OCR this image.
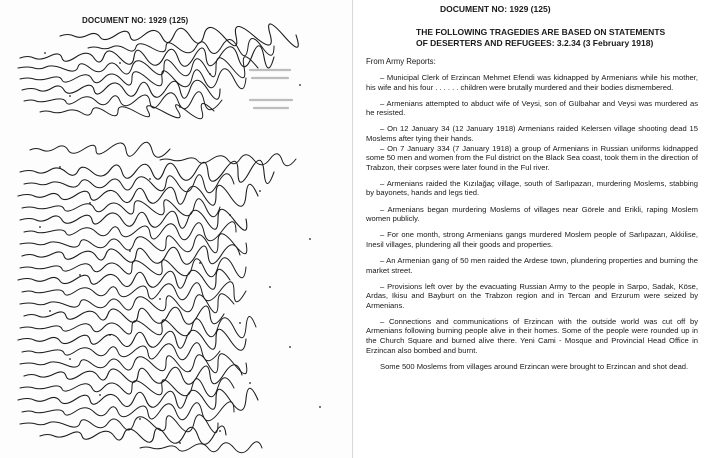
DOCUMENT NO: 1929 (125)
DOCUMENT NO: 1929 (125)
THE FOLLOWING TRAGEDIES ARE BASED ON STATEMENTS OF DESERTERS AND REFUGEES: 3.2.34 (3 February 1918)
From Army Reports:

– Municipal Clerk of Erzincan Mehmet Efendi was kidnapped by Armenians while his mother, his wife and his four . . . . . . children were brutally murdered and their bodies dismembered.

– Armenians attempted to abduct wife of Veysi, son of Gülbahar and Veysi was murdered as he resisted.

– On 12 January 34 (12 January 1918) Armenians raided Kelersen village shooting dead 15 Moslems after tying their hands.

– On 7 January 334 (7 January 1918) a group of Armenians in Russian uniforms kidnapped some 50 men and women from the Ful district on the Black Sea coast, took them in the direction of Trabzon, their corpses were later found in the Ful river.

– Armenians raided the Kızılağaç village, south of Sarlıpazarı, murdering Moslems, stabbing by bayonets, hands and legs tied.

– Armenians began murdering Moslems of villages near Görele and Erikli, raping Moslem women publicly.

– For one month, strong Armenians gangs murdered Moslem people of Sarlıpazarı, Akkilise, Inesil villages, plundering all their goods and properties.

– An Armenian gang of 50 men raided the Ardese town, plundering properties and burning the market street.

– Provisions left over by the evacuating Russian Army to the people in Sarpo, Sadak, Köse, Ardas, Ikisu and Bayburt on the Trabzon region and in Tercan and Erzurum were seized by Armenians.

– Connections and communications of Erzincan with the outside world was cut off by Armenians following burning people alive in their homes. Some of the people were rounded up in the Church Square and burned alive there. Yeni Cami - Mosque and Provincial Head Office in Erzincan also bombed and burnt.

Some 500 Moslems from villages around Erzincan were brought to Erzincan and shot dead.
